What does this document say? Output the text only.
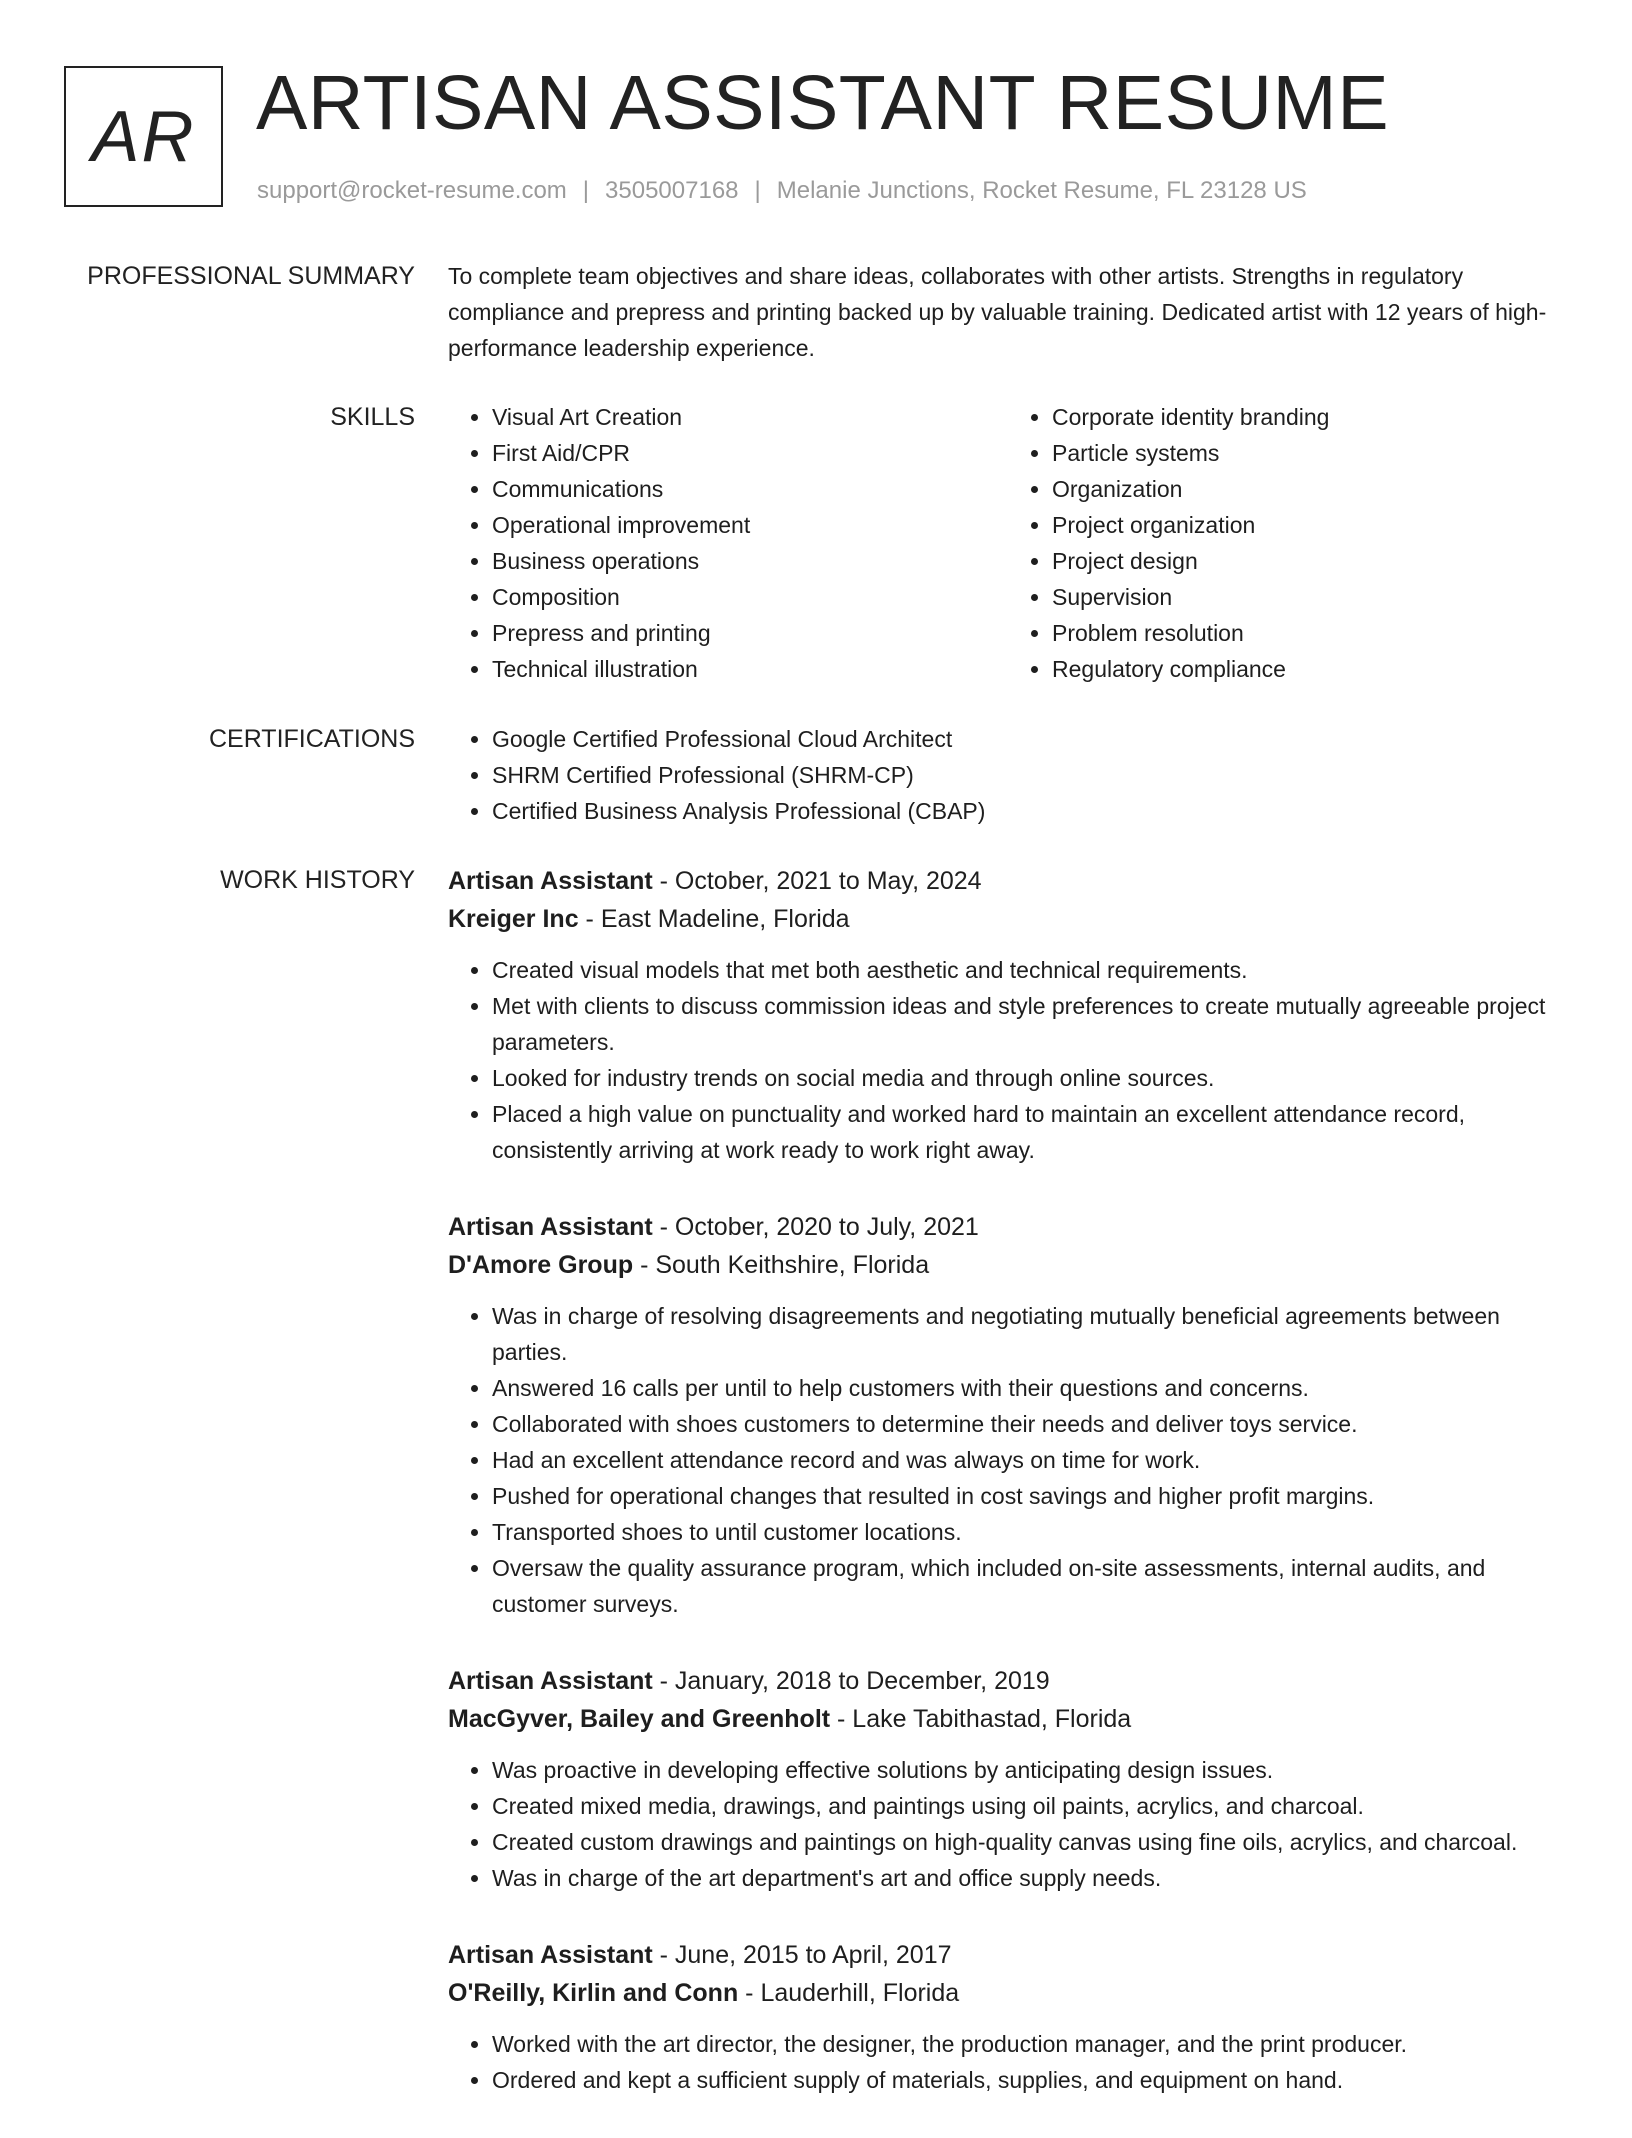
AR ARTISAN ASSISTANT RESUME
support@rocket-resume.com | 3505007168 | Melanie Junctions, Rocket Resume, FL 23128 US
PROFESSIONAL SUMMARY To complete team objectives and share ideas, collaborates with other artists. Strengths in regulatory compliance and prepress and printing backed up by valuable training. Dedicated artist with 12 years of high-performance leadership experience.

SKILLS	• Visual Art Creation
• First Aid/CPR
• Communications
• Operational improvement
• Business operations
• Composition
• Prepress and printing
• Technical illustration
• Corporate identity branding
• Particle systems
• Organization
• Project organization
• Project design
• Supervision
• Problem resolution
• Regulatory compliance
CERTIFICATIONS	• Google Certified Professional Cloud Architect
• SHRM Certified Professional (SHRM-CP)
• Certified Business Analysis Professional (CBAP)
WORK HISTORY Artisan Assistant - October, 2021 to May, 2024
Kreiger Inc - East Madeline, Florida
• Created visual models that met both aesthetic and technical requirements.
• Met with clients to discuss commission ideas and style preferences to create mutually agreeable project parameters.
• Looked for industry trends on social media and through online sources.
• Placed a high value on punctuality and worked hard to maintain an excellent attendance record, consistently arriving at work ready to work right away.
Artisan Assistant - October, 2020 to July, 2021
D'Amore Group - South Keithshire, Florida
• Was in charge of resolving disagreements and negotiating mutually beneficial agreements between parties.
• Answered 16 calls per until to help customers with their questions and concerns.
• Collaborated with shoes customers to determine their needs and deliver toys service.
• Had an excellent attendance record and was always on time for work.
• Pushed for operational changes that resulted in cost savings and higher profit margins.
• Transported shoes to until customer locations.
• Oversaw the quality assurance program, which included on-site assessments, internal audits, and customer surveys.
Artisan Assistant - January, 2018 to December, 2019
MacGyver, Bailey and Greenholt - Lake Tabithastad, Florida
• Was proactive in developing effective solutions by anticipating design issues.
• Created mixed media, drawings, and paintings using oil paints, acrylics, and charcoal.
• Created custom drawings and paintings on high-quality canvas using fine oils, acrylics, and charcoal.
• Was in charge of the art department's art and office supply needs.
Artisan Assistant - June, 2015 to April, 2017
O'Reilly, Kirlin and Conn - Lauderhill, Florida
• Worked with the art director, the designer, the production manager, and the print producer.
• Ordered and kept a sufficient supply of materials, supplies, and equipment on hand.
